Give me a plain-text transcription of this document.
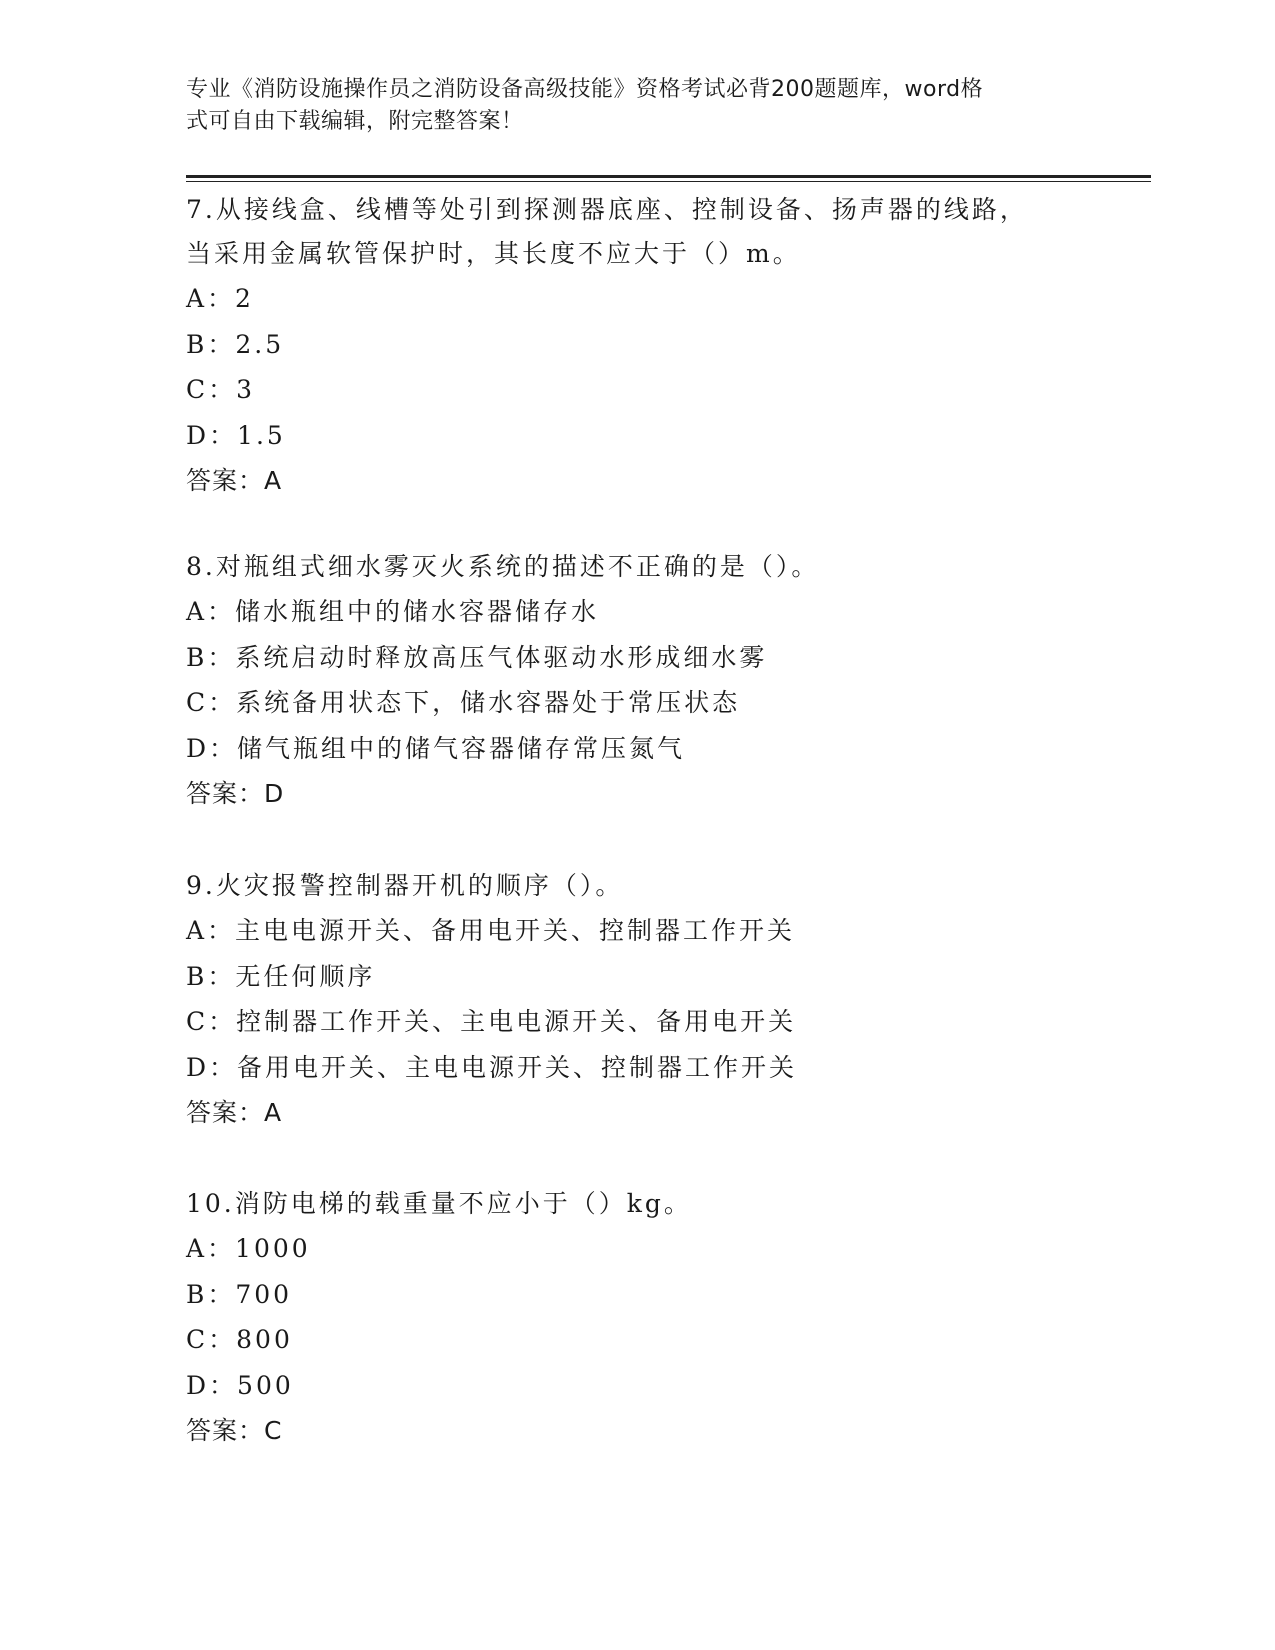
专业《消防设施操作员之消防设备高级技能》资格考试必背200题题库，word格
式可自由下载编辑，附完整答案！
7.从接线盒、线槽等处引到探测器底座、控制设备、扬声器的线路，
当采用金属软管保护时，其长度不应大于（）m。
A：2
B：2.5
C：3
D：1.5
答案：A
8.对瓶组式细水雾灭火系统的描述不正确的是（）。
A：储水瓶组中的储水容器储存水
B：系统启动时释放高压气体驱动水形成细水雾
C：系统备用状态下，储水容器处于常压状态
D：储气瓶组中的储气容器储存常压氮气
答案：D
9.火灾报警控制器开机的顺序（）。
A：主电电源开关、备用电开关、控制器工作开关
B：无任何顺序
C：控制器工作开关、主电电源开关、备用电开关
D：备用电开关、主电电源开关、控制器工作开关
答案：A
10.消防电梯的载重量不应小于（）kg。
A：1000
B：700
C：800
D：500
答案：C
